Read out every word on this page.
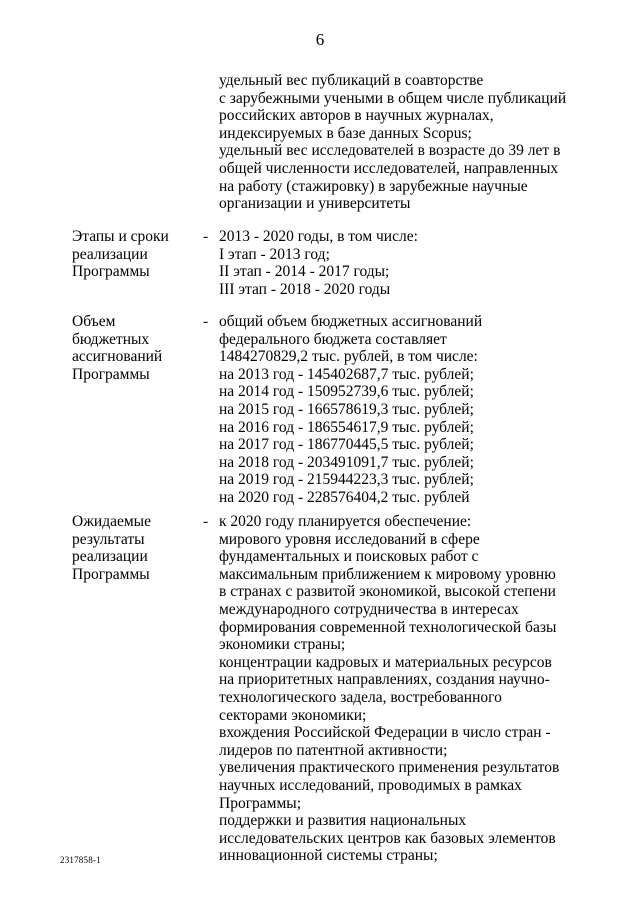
6
удельный вес публикаций в соавторстве
с зарубежными учеными в общем числе публикаций
российских авторов в научных журналах,
индексируемых в базе данных Scopus;
удельный вес исследователей в возрасте до 39 лет в
общей численности исследователей, направленных
на работу (стажировку) в зарубежные научные
организации и университеты
Этапы и сроки
реализации
Программы
- 2013 - 2020 годы, в том числе:
I этап - 2013 год;
II этап - 2014 - 2017 годы;
III этап - 2018 - 2020 годы
Объем
бюджетных
ассигнований
Программы
- общий объем бюджетных ассигнований
федерального бюджета составляет
1484270829,2 тыс. рублей, в том числе:
на 2013 год - 145402687,7 тыс. рублей;
на 2014 год - 150952739,6 тыс. рублей;
на 2015 год - 166578619,3 тыс. рублей;
на 2016 год - 186554617,9 тыс. рублей;
на 2017 год - 186770445,5 тыс. рублей;
на 2018 год - 203491091,7 тыс. рублей;
на 2019 год - 215944223,3 тыс. рублей;
на 2020 год - 228576404,2 тыс. рублей
Ожидаемые
результаты
реализации
Программы
- к 2020 году планируется обеспечение:
мирового уровня исследований в сфере
фундаментальных и поисковых работ с
максимальным приближением к мировому уровню
в странах с развитой экономикой, высокой степени
международного сотрудничества в интересах
формирования современной технологической базы
экономики страны;
концентрации кадровых и материальных ресурсов
на приоритетных направлениях, создания научно-
технологического задела, востребованного
секторами экономики;
вхождения Российской Федерации в число стран -
лидеров по патентной активности;
увеличения практического применения результатов
научных исследований, проводимых в рамках
Программы;
поддержки и развития национальных
исследовательских центров как базовых элементов
инновационной системы страны;
2317858-1
